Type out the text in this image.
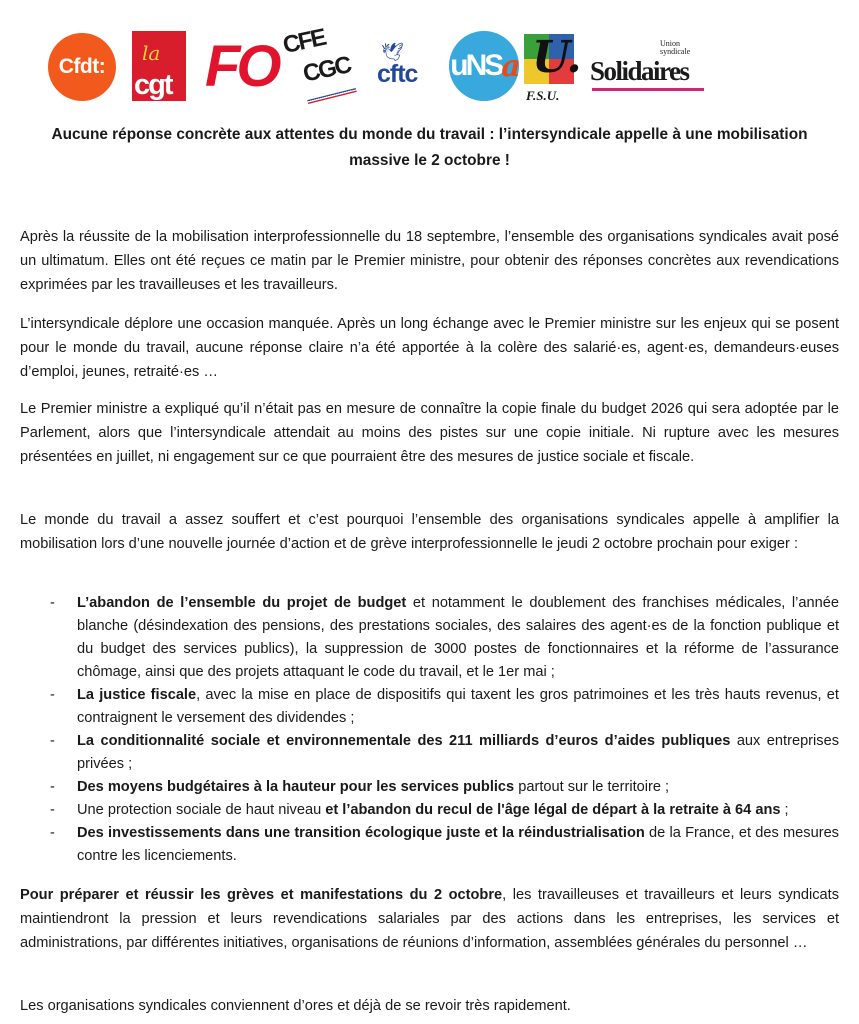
Cfdt:
la
cgt FO CFE
CGC 🕊
cftc uNS a U.
F.S.U.
Union syndicale
Solidaires
Aucune réponse concrète aux attentes du monde du travail : l’intersyndicale appelle à une mobilisation massive le 2 octobre !
Après la réussite de la mobilisation interprofessionnelle du 18 septembre, l’ensemble des organisations syndicales avait posé un ultimatum. Elles ont été reçues ce matin par le Premier ministre, pour obtenir des réponses concrètes aux revendications exprimées par les travailleuses et les travailleurs.
L’intersyndicale déplore une occasion manquée. Après un long échange avec le Premier ministre sur les enjeux qui se posent pour le monde du travail, aucune réponse claire n’a été apportée à la colère des salarié·es, agent·es, demandeurs·euses d’emploi, jeunes, retraité·es …
Le Premier ministre a expliqué qu’il n’était pas en mesure de connaître la copie finale du budget 2026 qui sera adoptée par le Parlement, alors que l’intersyndicale attendait au moins des pistes sur une copie initiale. Ni rupture avec les mesures présentées en juillet, ni engagement sur ce que pourraient être des mesures de justice sociale et fiscale.
Le monde du travail a assez souffert et c’est pourquoi l’ensemble des organisations syndicales appelle à amplifier la mobilisation lors d’une nouvelle journée d’action et de grève interprofessionnelle le jeudi 2 octobre prochain pour exiger :
- L’abandon de l’ensemble du projet de budget et notamment le doublement des franchises médicales, l’année blanche (désindexation des pensions, des prestations sociales, des salaires des agent·es de la fonction publique et du budget des services publics), la suppression de 3000 postes de fonctionnaires et la réforme de l’assurance chômage, ainsi que des projets attaquant le code du travail, et le 1er mai ;
- La justice fiscale, avec la mise en place de dispositifs qui taxent les gros patrimoines et les très hauts revenus, et contraignent le versement des dividendes ;
- La conditionnalité sociale et environnementale des 211 milliards d’euros d’aides publiques aux entreprises privées ;
- Des moyens budgétaires à la hauteur pour les services publics partout sur le territoire ;
- Une protection sociale de haut niveau et l’abandon du recul de l'âge légal de départ à la retraite à 64 ans ;
- Des investissements dans une transition écologique juste et la réindustrialisation de la France, et des mesures contre les licenciements.
Pour préparer et réussir les grèves et manifestations du 2 octobre, les travailleuses et travailleurs et leurs syndicats maintiendront la pression et leurs revendications salariales par des actions dans les entreprises, les services et administrations, par différentes initiatives, organisations de réunions d’information, assemblées générales du personnel …
Les organisations syndicales conviennent d’ores et déjà de se revoir très rapidement.
